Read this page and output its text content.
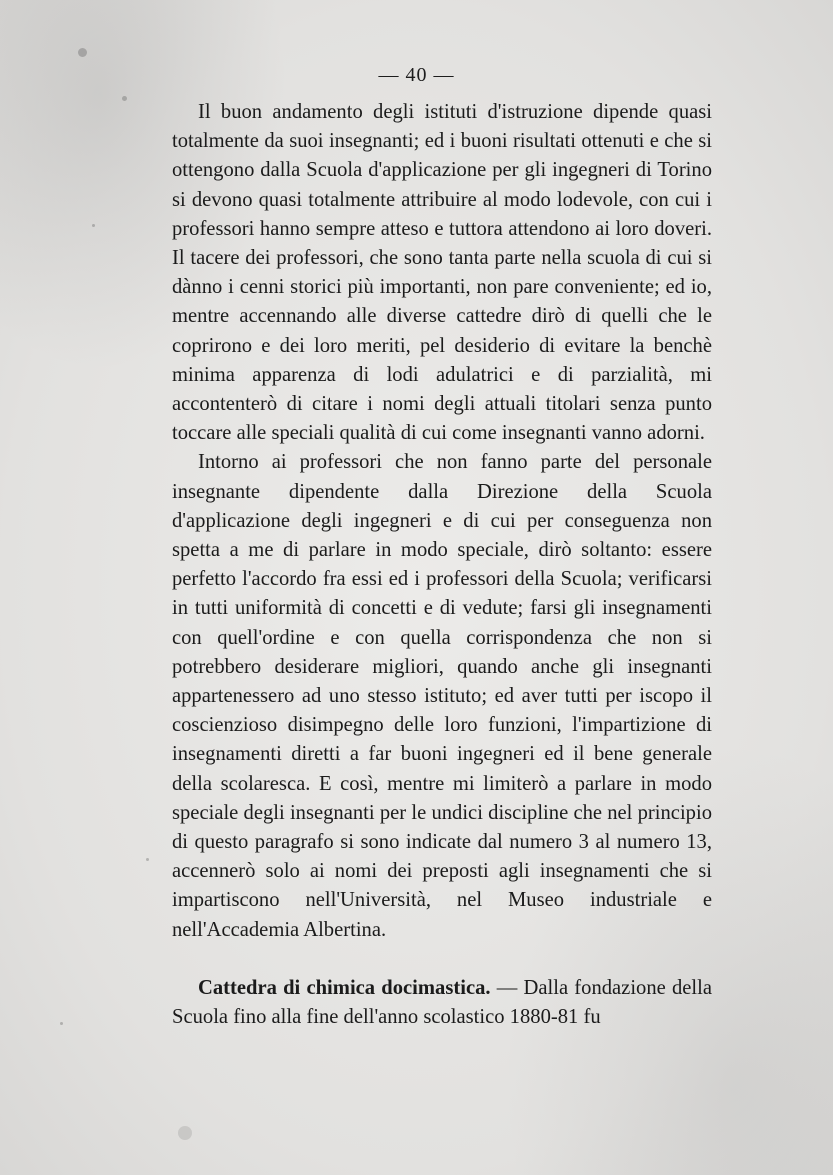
— 40 —

Il buon andamento degli istituti d'istruzione dipende quasi totalmente da suoi insegnanti; ed i buoni risultati ottenuti e che si ottengono dalla Scuola d'applicazione per gli ingegneri di Torino si devono quasi totalmente attribuire al modo lodevole, con cui i professori hanno sempre atteso e tuttora attendono ai loro doveri. Il tacere dei professori, che sono tanta parte nella scuola di cui si dànno i cenni storici più importanti, non pare conveniente; ed io, mentre accennando alle diverse cattedre dirò di quelli che le coprirono e dei loro meriti, pel desiderio di evitare la benchè minima apparenza di lodi adulatrici e di parzialità, mi accontenterò di citare i nomi degli attuali titolari senza punto toccare alle speciali qualità di cui come insegnanti vanno adorni.

Intorno ai professori che non fanno parte del personale insegnante dipendente dalla Direzione della Scuola d'applicazione degli ingegneri e di cui per conseguenza non spetta a me di parlare in modo speciale, dirò soltanto: essere perfetto l'accordo fra essi ed i professori della Scuola; verificarsi in tutti uniformità di concetti e di vedute; farsi gli insegnamenti con quell'ordine e con quella corrispondenza che non si potrebbero desiderare migliori, quando anche gli insegnanti appartenessero ad uno stesso istituto; ed aver tutti per iscopo il coscienzioso disimpegno delle loro funzioni, l'impartizione di insegnamenti diretti a far buoni ingegneri ed il bene generale della scolaresca. E così, mentre mi limiterò a parlare in modo speciale degli insegnanti per le undici discipline che nel principio di questo paragrafo si sono indicate dal numero 3 al numero 13, accennerò solo ai nomi dei preposti agli insegnamenti che si impartiscono nell'Università, nel Museo industriale e nell'Accademia Albertina.

Cattedra di chimica docimastica. — Dalla fondazione della Scuola fino alla fine dell'anno scolastico 1880-81 fu
